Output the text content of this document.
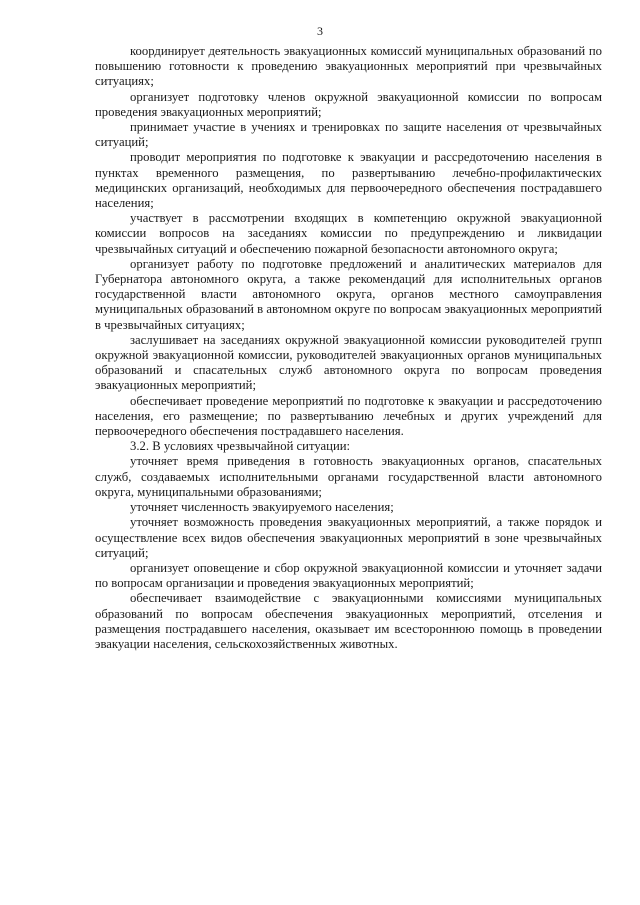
3

координирует деятельность эвакуационных комиссий муниципальных образований по повышению готовности к проведению эвакуационных мероприятий при чрезвычайных ситуациях;

организует подготовку членов окружной эвакуационной комиссии по вопросам проведения эвакуационных мероприятий;

принимает участие в учениях и тренировках по защите населения от чрезвычайных ситуаций;

проводит мероприятия по подготовке к эвакуации и рассредоточению населения в пунктах временного размещения, по развертыванию лечебно-профилактических медицинских организаций, необходимых для первоочередного обеспечения пострадавшего населения;

участвует в рассмотрении входящих в компетенцию окружной эвакуационной комиссии вопросов на заседаниях комиссии по предупреждению и ликвидации чрезвычайных ситуаций и обеспечению пожарной безопасности автономного округа;

организует работу по подготовке предложений и аналитических материалов для Губернатора автономного округа, а также рекомендаций для исполнительных органов государственной власти автономного округа, органов местного самоуправления муниципальных образований в автономном округе по вопросам эвакуационных мероприятий в чрезвычайных ситуациях;

заслушивает на заседаниях окружной эвакуационной комиссии руководителей групп окружной эвакуационной комиссии, руководителей эвакуационных органов муниципальных образований и спасательных служб автономного округа по вопросам проведения эвакуационных мероприятий;

обеспечивает проведение мероприятий по подготовке к эвакуации и рассредоточению населения, его размещение; по развертыванию лечебных и других учреждений для первоочередного обеспечения пострадавшего населения.

3.2. В условиях чрезвычайной ситуации:

уточняет время приведения в готовность эвакуационных органов, спасательных служб, создаваемых исполнительными органами государственной власти автономного округа, муниципальными образованиями;

уточняет численность эвакуируемого населения;

уточняет возможность проведения эвакуационных мероприятий, а также порядок и осуществление всех видов обеспечения эвакуационных мероприятий в зоне чрезвычайных ситуаций;

организует оповещение и сбор окружной эвакуационной комиссии и уточняет задачи по вопросам организации и проведения эвакуационных мероприятий;

обеспечивает взаимодействие с эвакуационными комиссиями муниципальных образований по вопросам обеспечения эвакуационных мероприятий, отселения и размещения пострадавшего населения, оказывает им всестороннюю помощь в проведении эвакуации населения, сельскохозяйственных животных.
